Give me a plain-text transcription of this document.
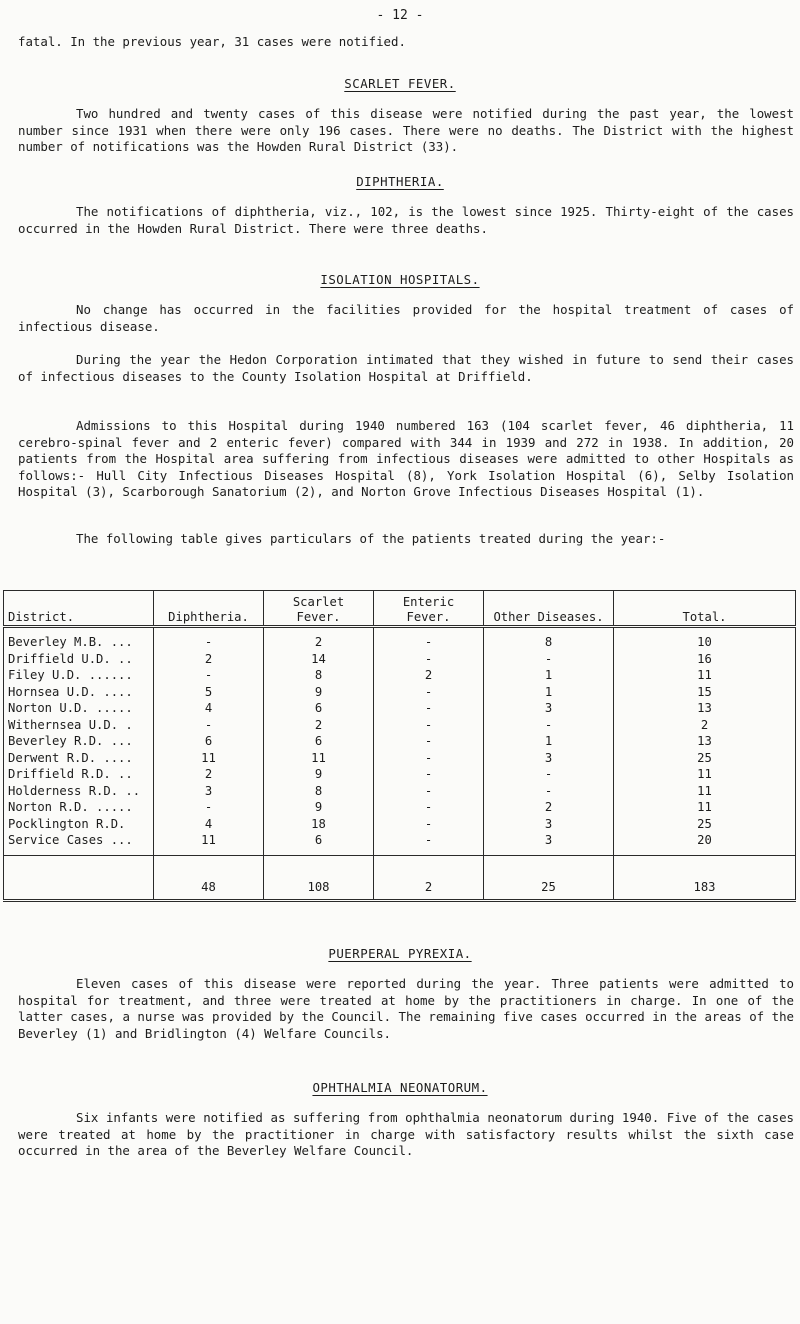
- 12 -

fatal. In the previous year, 31 cases were notified.

SCARLET FEVER.

Two hundred and twenty cases of this disease were notified during the past year, the lowest number since 1931 when there were only 196 cases. There were no deaths. The District with the highest number of notifications was the Howden Rural District (33).

DIPHTHERIA.

The notifications of diphtheria, viz., 102, is the lowest since 1925. Thirty-eight of the cases occurred in the Howden Rural District. There were three deaths.

ISOLATION HOSPITALS.

No change has occurred in the facilities provided for the hospital treatment of cases of infectious disease.

During the year the Hedon Corporation intimated that they wished in future to send their cases of infectious diseases to the County Isolation Hospital at Driffield.

Admissions to this Hospital during 1940 numbered 163 (104 scarlet fever, 46 diphtheria, 11 cerebro-spinal fever and 2 enteric fever) compared with 344 in 1939 and 272 in 1938. In addition, 20 patients from the Hospital area suffering from infectious diseases were admitted to other Hospitals as follows:- Hull City Infectious Diseases Hospital (8), York Isolation Hospital (6), Selby Isolation Hospital (3), Scarborough Sanatorium (2), and Norton Grove Infectious Diseases Hospital (1).

The following table gives particulars of the patients treated during the year:-

District.	Diphtheria.	Scarlet Fever.	Enteric Fever.	Other Diseases.	Total.
Beverley M.B. ...	-	2	-	8	10
Driffield U.D. ..	2	14	-	-	16
Filey U.D. ......	-	8	2	1	11
Hornsea U.D. ....	5	9	-	1	15
Norton U.D. .....	4	6	-	3	13
Withernsea U.D. .	-	2	-	-	2
Beverley R.D. ...	6	6	-	1	13
Derwent R.D. ....	11	11	-	3	25
Driffield R.D. ..	2	9	-	-	11
Holderness R.D. ..	3	8	-	-	11
Norton R.D. .....	-	9	-	2	11
Pocklington R.D.	4	18	-	3	25
Service Cases ...	11	6	-	3	20
	48	108	2	25	183
PUERPERAL PYREXIA.

Eleven cases of this disease were reported during the year. Three patients were admitted to hospital for treatment, and three were treated at home by the practitioners in charge. In one of the latter cases, a nurse was provided by the Council. The remaining five cases occurred in the areas of the Beverley (1) and Bridlington (4) Welfare Councils.

OPHTHALMIA NEONATORUM.

Six infants were notified as suffering from ophthalmia neonatorum during 1940. Five of the cases were treated at home by the practitioner in charge with satisfactory results whilst the sixth case occurred in the area of the Beverley Welfare Council.
